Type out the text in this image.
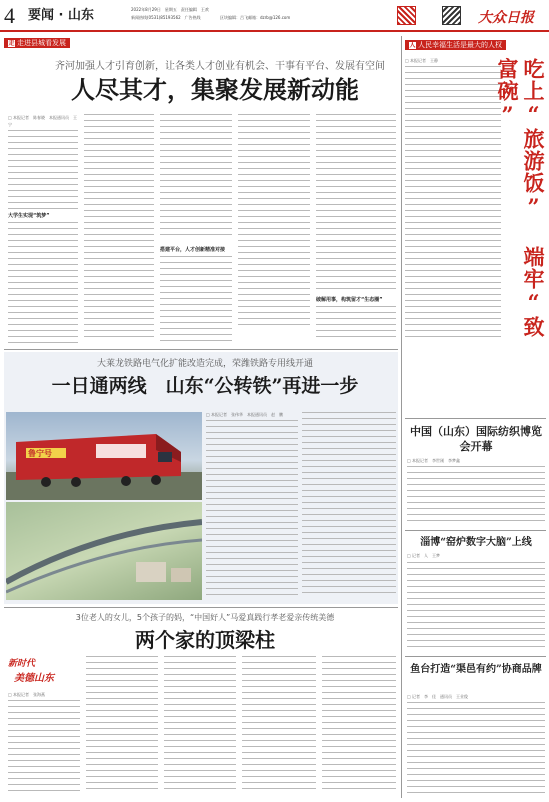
4 要闻 · 山东	2022年8月29日　星期五　责任编辑　王欢
新闻热线(0531)85193562　广告热线	区块编辑：吕飞邮箱：dzrb@126.com	大众日报
走 走进县城看发展
齐河加强人才引育创新，让各类人才创业有机会、干事有平台、发展有空间
人尽其才，集聚发展新动能
□ 本报记者　陈春晓　本报通讯员　王宁
大学生实现“筑梦”
搭建平台，人才创新精准对接
破解用事，构筑留才“生态圈”
人 人民幸福生活是最大的人权
□ 本报记者　王静	吃上“旅游饭” 端牢“致富碗”
中国（山东）国际纺织博览会开幕
□ 本报记者　李世刚　李梦鑫
淄博“窑炉数字大脑”上线
□ 记者　人　王梦
鱼台打造“渠邑有约”协商品牌
□ 记者　李　佳　通讯员　王业俊
大莱龙铁路电气化扩能改造完成，荣潍铁路专用线开通
一日通两线　山东“公转铁”再进一步
鲁宁号
□ 本报记者　张伟华　本报通讯员　赵　鹏
3位老人的女儿，5个孩子的妈，“中国好人”马爱真践行孝老爱亲传统美德
两个家的顶梁柱
新时代
美德山东
□ 本报记者　张海燕
